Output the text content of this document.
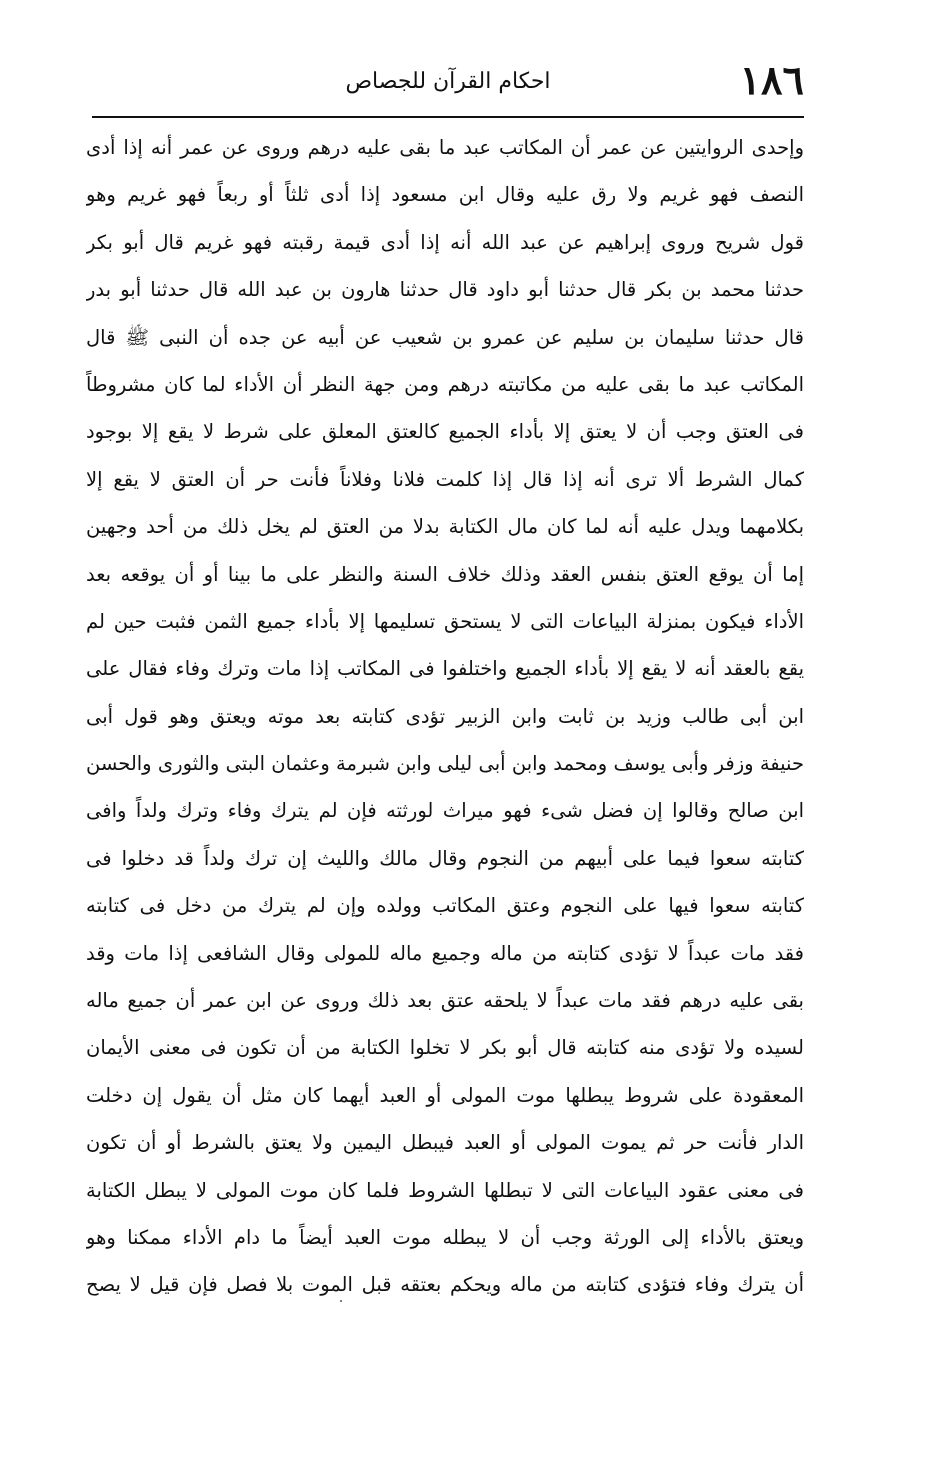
١٨٦
احكام القرآن للجصاص
وإحدى الروايتين عن عمر أن المكاتب عبد ما بقى عليه درهم وروى عن عمر أنه إذا أدى
النصف فهو غريم ولا رق عليه وقال ابن مسعود إذا أدى ثلثاً أو ربعاً فهو غريم وهو
قول شريح وروى إبراهيم عن عبد الله أنه إذا أدى قيمة رقبته فهو غريم قال أبو بكر
حدثنا محمد بن بكر قال حدثنا أبو داود قال حدثنا هارون بن عبد الله قال حدثنا أبو بدر
قال حدثنا سليمان بن سليم عن عمرو بن شعيب عن أبيه عن جده أن النبى ﷺ قال
المكاتب عبد ما بقى عليه من مكاتبته درهم ومن جهة النظر أن الأداء لما كان مشروطاً
فى العتق وجب أن لا يعتق إلا بأداء الجميع كالعتق المعلق على شرط لا يقع إلا بوجود
كمال الشرط ألا ترى أنه إذا قال إذا كلمت فلانا وفلاناً فأنت حر أن العتق لا يقع إلا
بكلامهما ويدل عليه أنه لما كان مال الكتابة بدلا من العتق لم يخل ذلك من أحد وجهين
إما أن يوقع العتق بنفس العقد وذلك خلاف السنة والنظر على ما بينا أو أن يوقعه بعد
الأداء فيكون بمنزلة البياعات التى لا يستحق تسليمها إلا بأداء جميع الثمن فثبت حين لم
يقع بالعقد أنه لا يقع إلا بأداء الجميع واختلفوا فى المكاتب إذا مات وترك وفاء فقال على
ابن أبى طالب وزيد بن ثابت وابن الزبير تؤدى كتابته بعد موته ويعتق وهو قول أبى
حنيفة وزفر وأبى يوسف ومحمد وابن أبى ليلى وابن شبرمة وعثمان البتى والثورى والحسن
ابن صالح وقالوا إن فضل شىء فهو ميراث لورثته فإن لم يترك وفاء وترك ولداً وافى
كتابته سعوا فيما على أبيهم من النجوم وقال مالك والليث إن ترك ولداً قد دخلوا فى
كتابته سعوا فيها على النجوم وعتق المكاتب وولده وإن لم يترك من دخل فى كتابته
فقد مات عبداً لا تؤدى كتابته من ماله وجميع ماله للمولى وقال الشافعى إذا مات وقد
بقى عليه درهم فقد مات عبداً لا يلحقه عتق بعد ذلك وروى عن ابن عمر أن جميع ماله
لسيده ولا تؤدى منه كتابته قال أبو بكر لا تخلوا الكتابة من أن تكون فى معنى الأيمان
المعقودة على شروط يبطلها موت المولى أو العبد أيهما كان مثل أن يقول إن دخلت
الدار فأنت حر ثم يموت المولى أو العبد فيبطل اليمين ولا يعتق بالشرط أو أن تكون
فى معنى عقود البياعات التى لا تبطلها الشروط فلما كان موت المولى لا يبطل الكتابة
ويعتق بالأداء إلى الورثة وجب أن لا يبطله موت العبد أيضاً ما دام الأداء ممكنا وهو
أن يترك وفاء فتؤدى كتابته من ماله ويحكم بعتقه قبل الموت بلا فصل فإن قيل لا يصح
